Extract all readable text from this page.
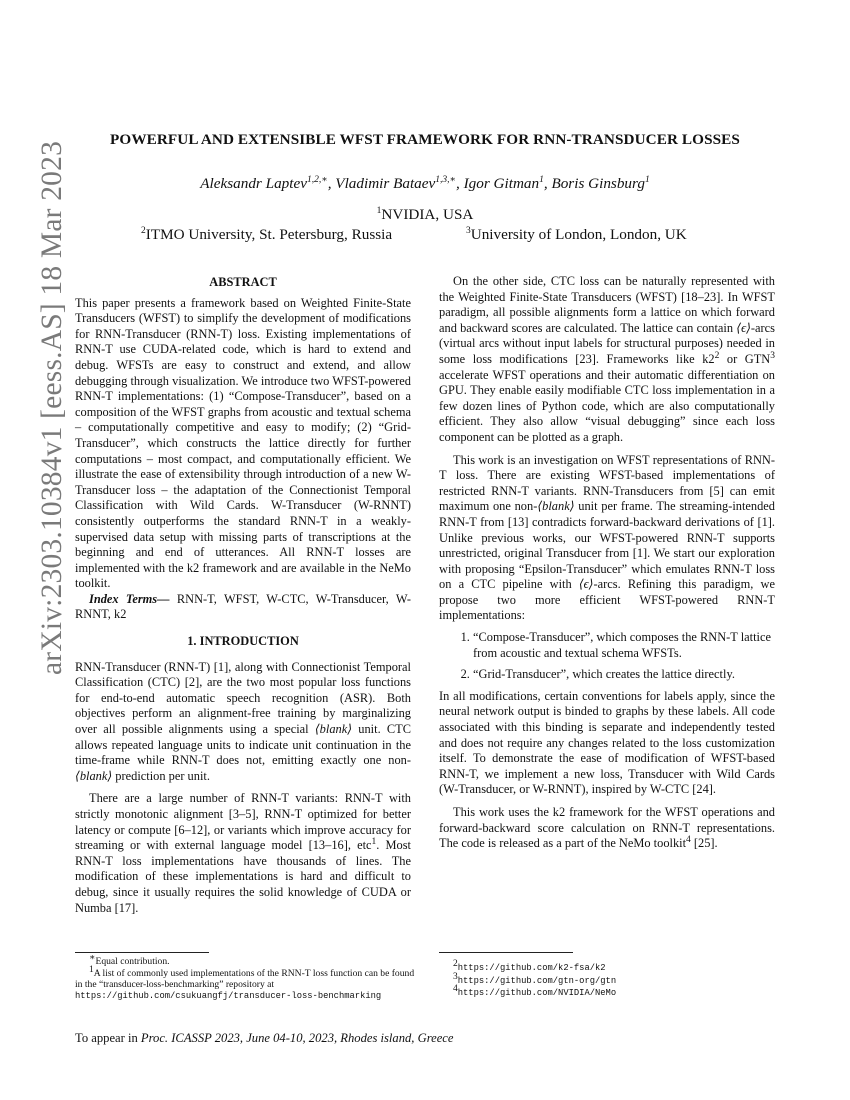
arXiv:2303.10384v1 [eess.AS] 18 Mar 2023
POWERFUL AND EXTENSIBLE WFST FRAMEWORK FOR RNN-TRANSDUCER LOSSES
Aleksandr Laptev$^{1,2,∗}$, Vladimir Bataev$^{1,3,∗}$, Igor Gitman$^1$, Boris Ginsburg$^1$
$^1$NVIDIA, USA
$^2$ITMO University, St. Petersburg, Russia	$^3$University of London, London, UK
ABSTRACT

This paper presents a framework based on Weighted Finite-State Transducers (WFST) to simplify the development of modifications for RNN-Transducer (RNN-T) loss. Existing implementations of RNN-T use CUDA-related code, which is hard to extend and debug. WFSTs are easy to construct and extend, and allow debugging through visualization. We introduce two WFST-powered RNN-T implementations: (1) “Compose-Transducer”, based on a composition of the WFST graphs from acoustic and textual schema – computationally competitive and easy to modify; (2) “Grid-Transducer”, which constructs the lattice directly for further computations – most compact, and computationally efficient. We illustrate the ease of extensibility through introduction of a new W-Transducer loss – the adaptation of the Connectionist Temporal Classification with Wild Cards. W-Transducer (W-RNNT) consistently outperforms the standard RNN-T in a weakly-supervised data setup with missing parts of transcriptions at the beginning and end of utterances. All RNN-T losses are implemented with the k2 framework and are available in the NeMo toolkit.

Index Terms— RNN-T, WFST, W-CTC, W-Transducer, W-RNNT, k2

1. INTRODUCTION

RNN-Transducer (RNN-T) [1], along with Connectionist Temporal Classification (CTC) [2], are the two most popular loss functions for end-to-end automatic speech recognition (ASR). Both objectives perform an alignment-free training by marginalizing over all possible alignments using a special ⟨blank⟩ unit. CTC allows repeated language units to indicate unit continuation in the time-frame while RNN-T does not, emitting exactly one non-⟨blank⟩ prediction per unit.

There are a large number of RNN-T variants: RNN-T with strictly monotonic alignment [3–5], RNN-T optimized for better latency or compute [6–12], or variants which improve accuracy for streaming or with external language model [13–16], etc$^1$. Most RNN-T loss implementations have thousands of lines. The modification of these implementations is hard and difficult to debug, since it usually requires the solid knowledge of CUDA or Numba [17].

On the other side, CTC loss can be naturally represented with the Weighted Finite-State Transducers (WFST) [18–23]. In WFST paradigm, all possible alignments form a lattice on which forward and backward scores are calculated. The lattice can contain ⟨ϵ⟩-arcs (virtual arcs without input labels for structural purposes) needed in some loss modifications [23]. Frameworks like $k2^2$ or GTN$^3$ accelerate WFST operations and their automatic differentiation on GPU. They enable easily modifiable CTC loss implementation in a few dozen lines of Python code, which are also computationally efficient. They also allow “visual debugging” since each loss component can be plotted as a graph.

This work is an investigation on WFST representations of RNN-T loss. There are existing WFST-based implementations of restricted RNN-T variants. RNN-Transducers from [5] can emit maximum one non-⟨blank⟩ unit per frame. The streaming-intended RNN-T from [13] contradicts forward-backward derivations of [1]. Unlike previous works, our WFST-powered RNN-T supports unrestricted, original Transducer from [1]. We start our exploration with proposing “Epsilon-Transducer” which emulates RNN-T loss on a CTC pipeline with ⟨ϵ⟩-arcs. Refining this paradigm, we propose two more efficient WFST-powered RNN-T implementations:

1. “Compose-Transducer”, which composes the RNN-T lattice from acoustic and textual schema WFSTs.
2. “Grid-Transducer”, which creates the lattice directly.

In all modifications, certain conventions for labels apply, since the neural network output is binded to graphs by these labels. All code associated with this binding is separate and independently tested and does not require any changes related to the loss customization itself. To demonstrate the ease of modification of WFST-based RNN-T, we implement a new loss, Transducer with Wild Cards (W-Transducer, or W-RNNT), inspired by W-CTC [24].

This work uses the k2 framework for the WFST operations and forward-backward score calculation on RNN-T representations. The code is released as a part of the NeMo toolkit$^4$ [25].

∗Equal contribution.
$^1$A list of commonly used implementations of the RNN-T loss function can be found in the “transducer-loss-benchmarking” repository at
https://github.com/csukuangfj/transducer-loss-benchmarking
$^2$https://github.com/k2-fsa/k2
$^3$https://github.com/gtn-org/gtn
$^4$https://github.com/NVIDIA/NeMo
To appear in Proc. ICASSP 2023, June 04-10, 2023, Rhodes island, Greece
